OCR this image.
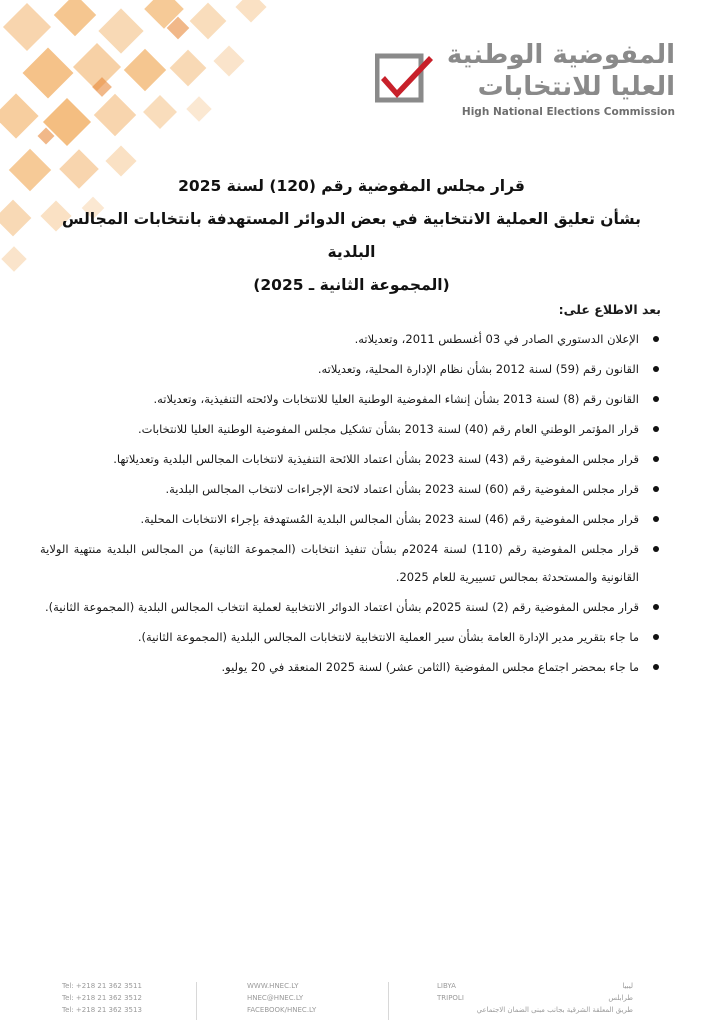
المفوضية الوطنية
العليا للانتخابات
High National Elections Commission
قرار مجلس المفوضية رقم (120) لسنة 2025
بشأن تعليق العملية الانتخابية في بعض الدوائر المستهدفة بانتخابات المجالس البلدية
(المجموعة الثانية ـ 2025)
بعد الاطلاع على:
الإعلان الدستوري الصادر في 03 أغسطس 2011، وتعديلاته.
القانون رقم (59) لسنة 2012 بشأن نظام الإدارة المحلية، وتعديلاته.
القانون رقم (8) لسنة 2013 بشأن إنشاء المفوضية الوطنية العليا للانتخابات ولائحته التنفيذية، وتعديلاته.
قرار المؤتمر الوطني العام رقم (40) لسنة 2013 بشأن تشكيل مجلس المفوضية الوطنية العليا للانتخابات.
قرار مجلس المفوضية رقم (43) لسنة 2023 بشأن اعتماد اللائحة التنفيذية لانتخابات المجالس البلدية وتعديلاتها.
قرار مجلس المفوضية رقم (60) لسنة 2023 بشأن اعتماد لائحة الإجراءات لانتخاب المجالس البلدية.
قرار مجلس المفوضية رقم (46) لسنة 2023 بشأن المجالس البلدية المُستهدفة بإجراء الانتخابات المحلية.
قرار مجلس المفوضية رقم (110) لسنة 2024م بشأن تنفيذ انتخابات (المجموعة الثانية) من المجالس البلدية منتهية الولاية القانونية والمستحدثة بمجالس تسييرية للعام 2025.
قرار مجلس المفوضية رقم (2) لسنة 2025م بشأن اعتماد الدوائر الانتخابية لعملية انتخاب المجالس البلدية (المجموعة الثانية).
ما جاء بتقرير مدير الإدارة العامة بشأن سير العملية الانتخابية لانتخابات المجالس البلدية (المجموعة الثانية).
ما جاء بمحضر اجتماع مجلس المفوضية (الثامن عشر) لسنة 2025 المنعقد في 20 يوليو.
Tel: +218 21 362 3511
Tel: +218 21 362 3512
Tel: +218 21 362 3513
WWW.HNEC.LY
HNEC@HNEC.LY
FACEBOOK/HNEC.LY
LIBYA
TRIPOLI
ليبيا
طرابلس
طريق المعلقة الشرقية بجانب مبنى الضمان الاجتماعي
